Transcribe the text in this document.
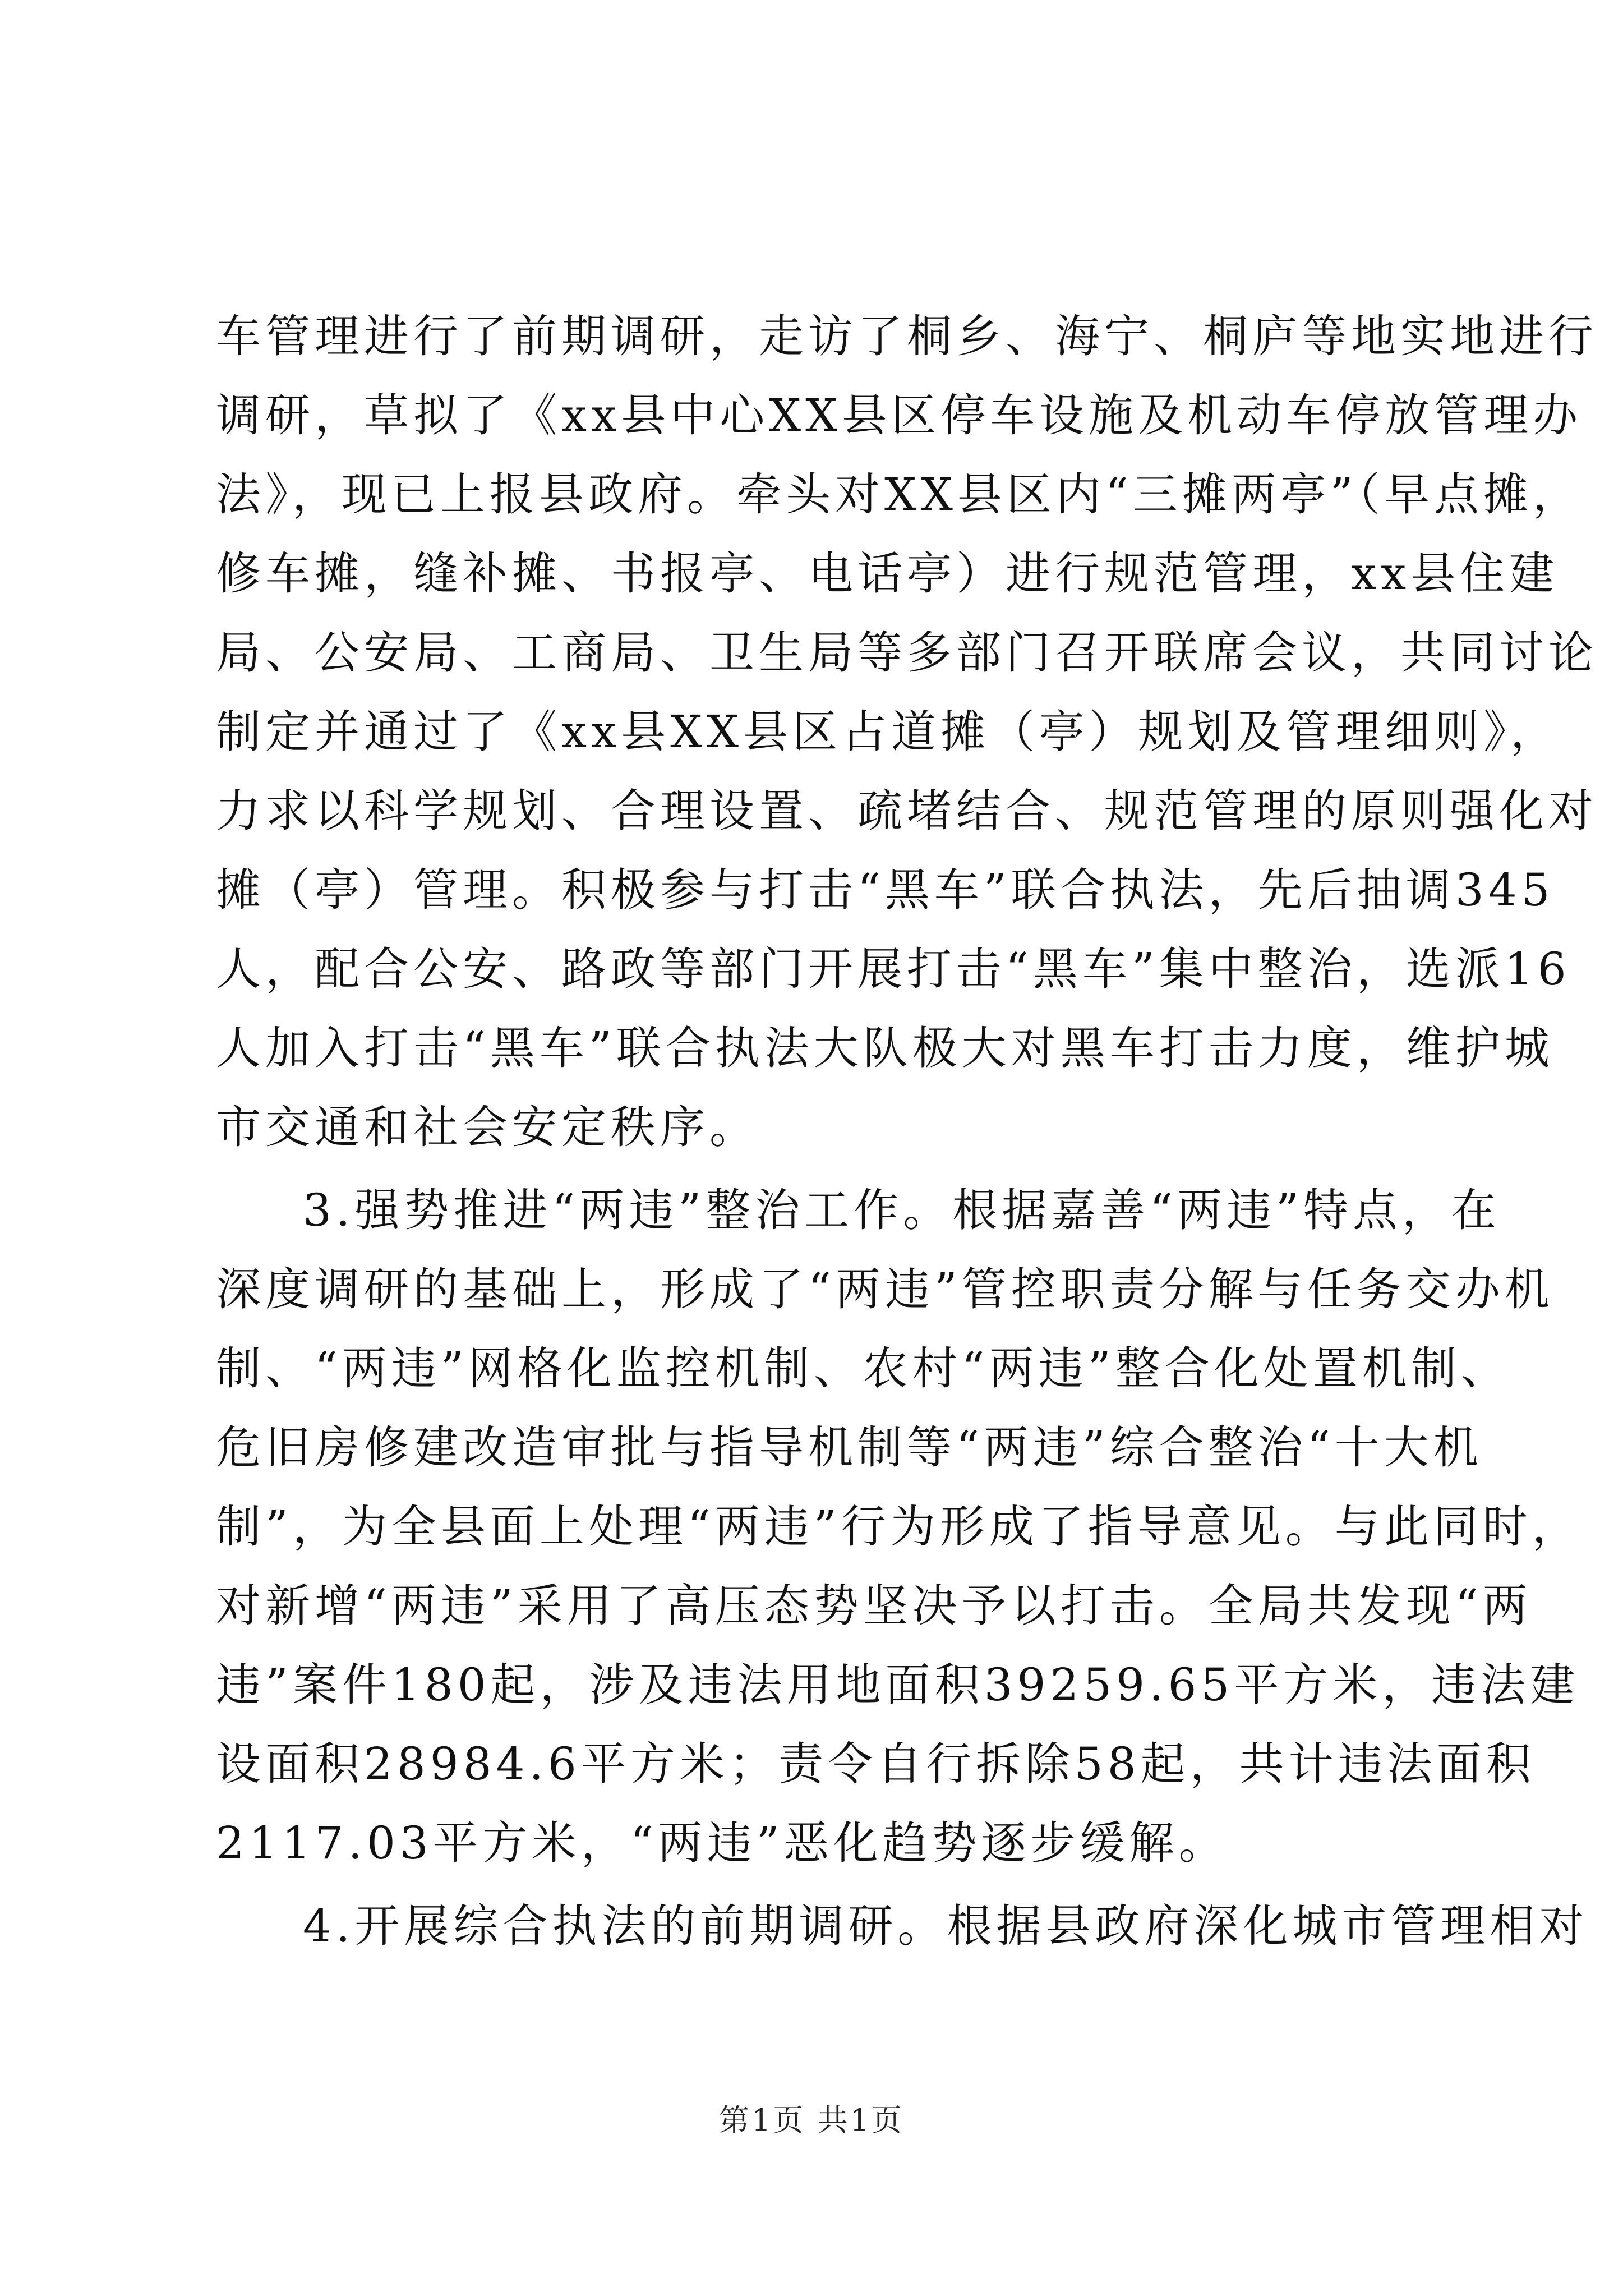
车管理进行了前期调研，走访了桐乡、海宁、桐庐等地实地进行
调研，草拟了《xx县中心XX县区停车设施及机动车停放管理办
法》，现已上报县政府。牵头对XX县区内“三摊两亭”（早点摊，
修车摊，缝补摊、书报亭、电话亭）进行规范管理，xx县住建
局、公安局、工商局、卫生局等多部门召开联席会议，共同讨论
制定并通过了《xx县XX县区占道摊（亭）规划及管理细则》，
力求以科学规划、合理设置、疏堵结合、规范管理的原则强化对
摊（亭）管理。积极参与打击“黑车”联合执法，先后抽调345
人，配合公安、路政等部门开展打击“黑车”集中整治，选派16
人加入打击“黑车”联合执法大队极大对黑车打击力度，维护城
市交通和社会安定秩序。
3.强势推进“两违”整治工作。根据嘉善“两违”特点，在
深度调研的基础上，形成了“两违”管控职责分解与任务交办机
制、“两违”网格化监控机制、农村“两违”整合化处置机制、
危旧房修建改造审批与指导机制等“两违”综合整治“十大机
制”，为全县面上处理“两违”行为形成了指导意见。与此同时，
对新增“两违”采用了高压态势坚决予以打击。全局共发现“两
违”案件180起，涉及违法用地面积39259.65平方米，违法建
设面积28984.6平方米；责令自行拆除58起，共计违法面积
2117.03平方米，“两违”恶化趋势逐步缓解。
4.开展综合执法的前期调研。根据县政府深化城市管理相对
第1页 共1页
